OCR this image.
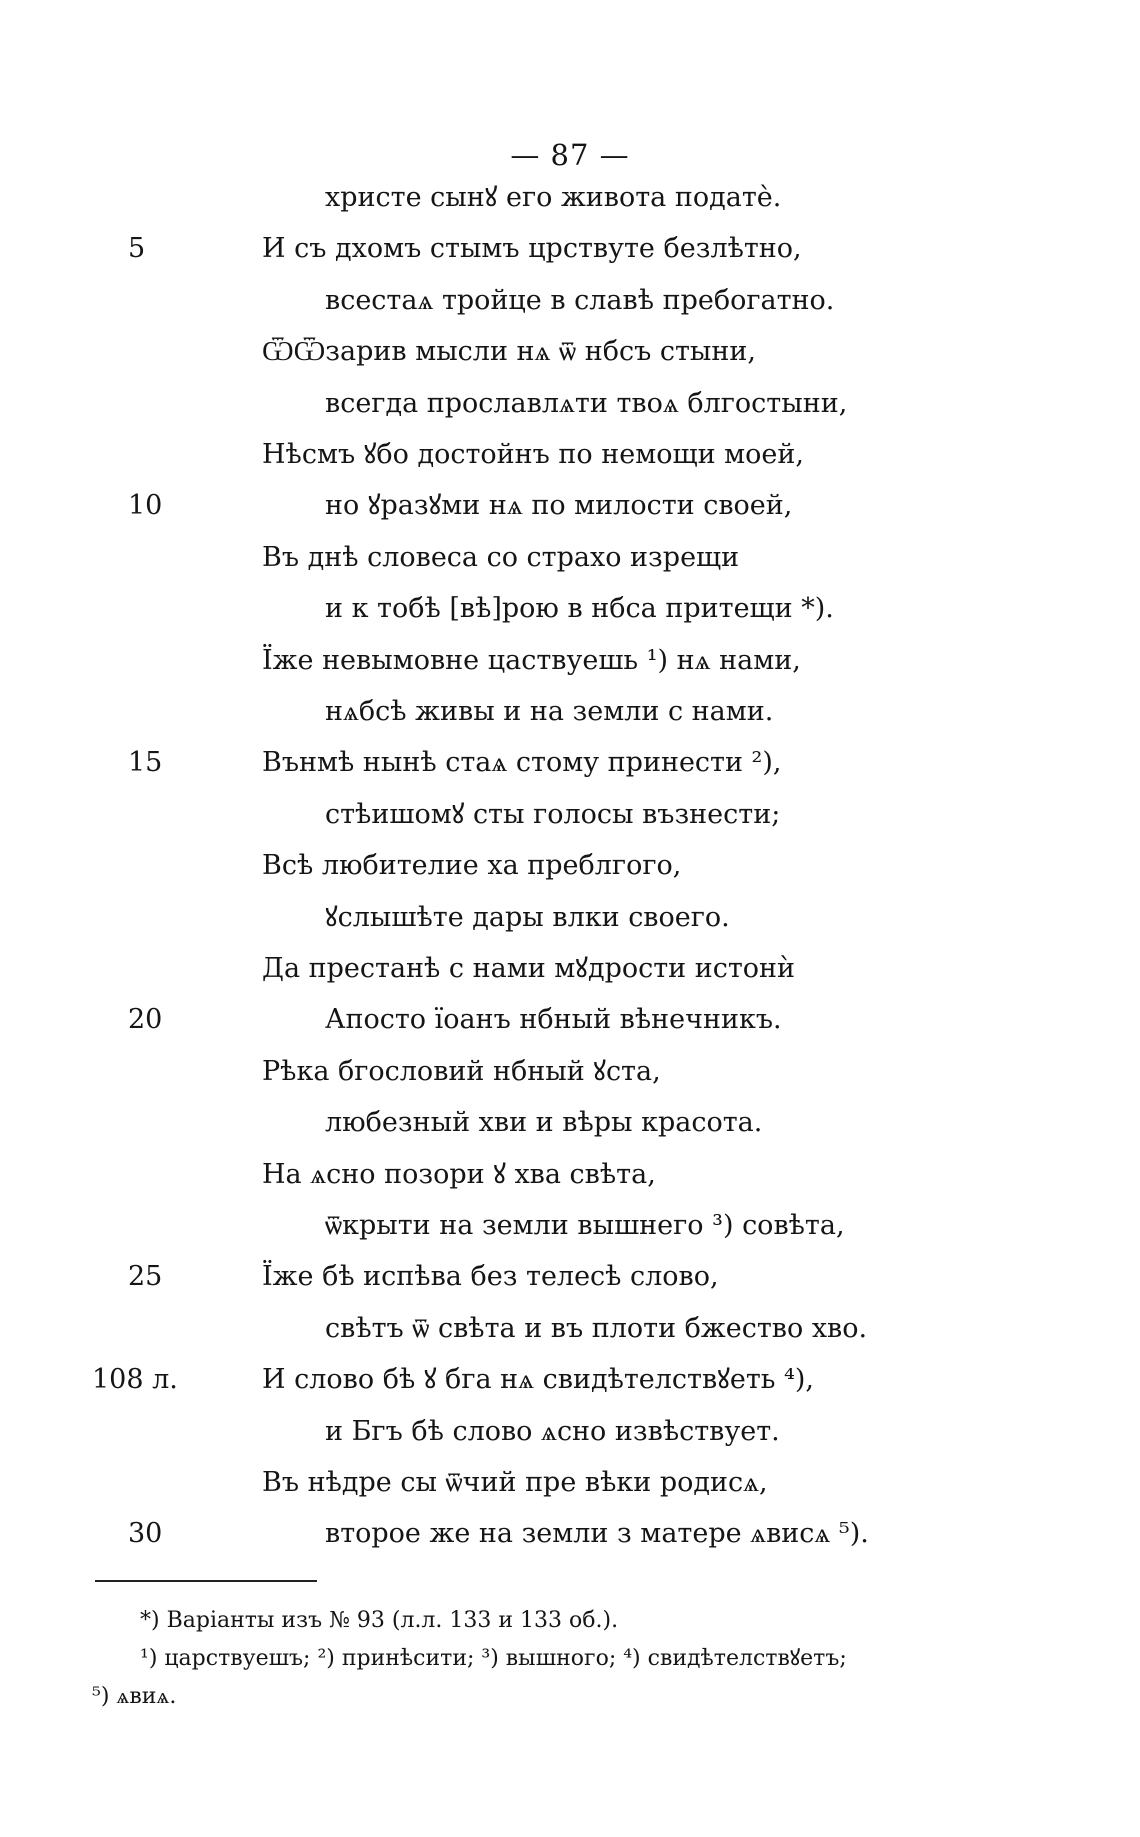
— 87 —
христе сынꙋ его живота податѐ.
И съ дхомъ стымъ црствуте безлѣтно,
5
всестаѧ тройце в славѣ пребогатно.
ѾѾзарив мысли нѧ ѿ нбсъ стыни,
всегда прославлѧти твоѧ блгостыни,
Нѣсмъ ꙋбо достойнъ по немощи моей,
но ꙋразꙋми нѧ по милости своей,
10
Въ днѣ словеса со страхо изрещи
и к тобѣ [вѣ]рою в нбса притещи *).
Їже невымовне цаствуешь ¹) нѧ нами,
нѧбсѣ живы и на земли с нами.
Вънмѣ нынѣ стаѧ стому принести ²),
15
стѣишомꙋ сты голосы възнести;
Всѣ любителие ха преблгого,
ꙋслышѣте дары влки своего.
Да престанѣ с нами мꙋдрости истонѝ
Апосто їоанъ нбный вѣнечникъ.
20
Рѣка бгословий нбный ꙋста,
любезный хви и вѣры красота.
На ѧсно позори ꙋ хва свѣта,
ѿкрыти на земли вышнего ³) совѣта,
Їже бѣ испѣва без телесѣ слово,
25
свѣтъ ѿ свѣта и въ плоти бжество хво.
И слово бѣ ꙋ бга нѧ свидѣтелствꙋеть ⁴),
108 л.
и Бгъ бѣ слово ѧсно извѣствует.
Въ нѣдре сы ѿчий пре вѣки родисѧ,
второе же на земли з матере ѧвисѧ ⁵).
30
*) Варіанты изъ № 93 (л.л. 133 и 133 об.).
¹) царствуешъ; ²) принѣсити; ³) вышного; ⁴) свидѣтелствꙋетъ;
⁵) ѧвиѧ.
